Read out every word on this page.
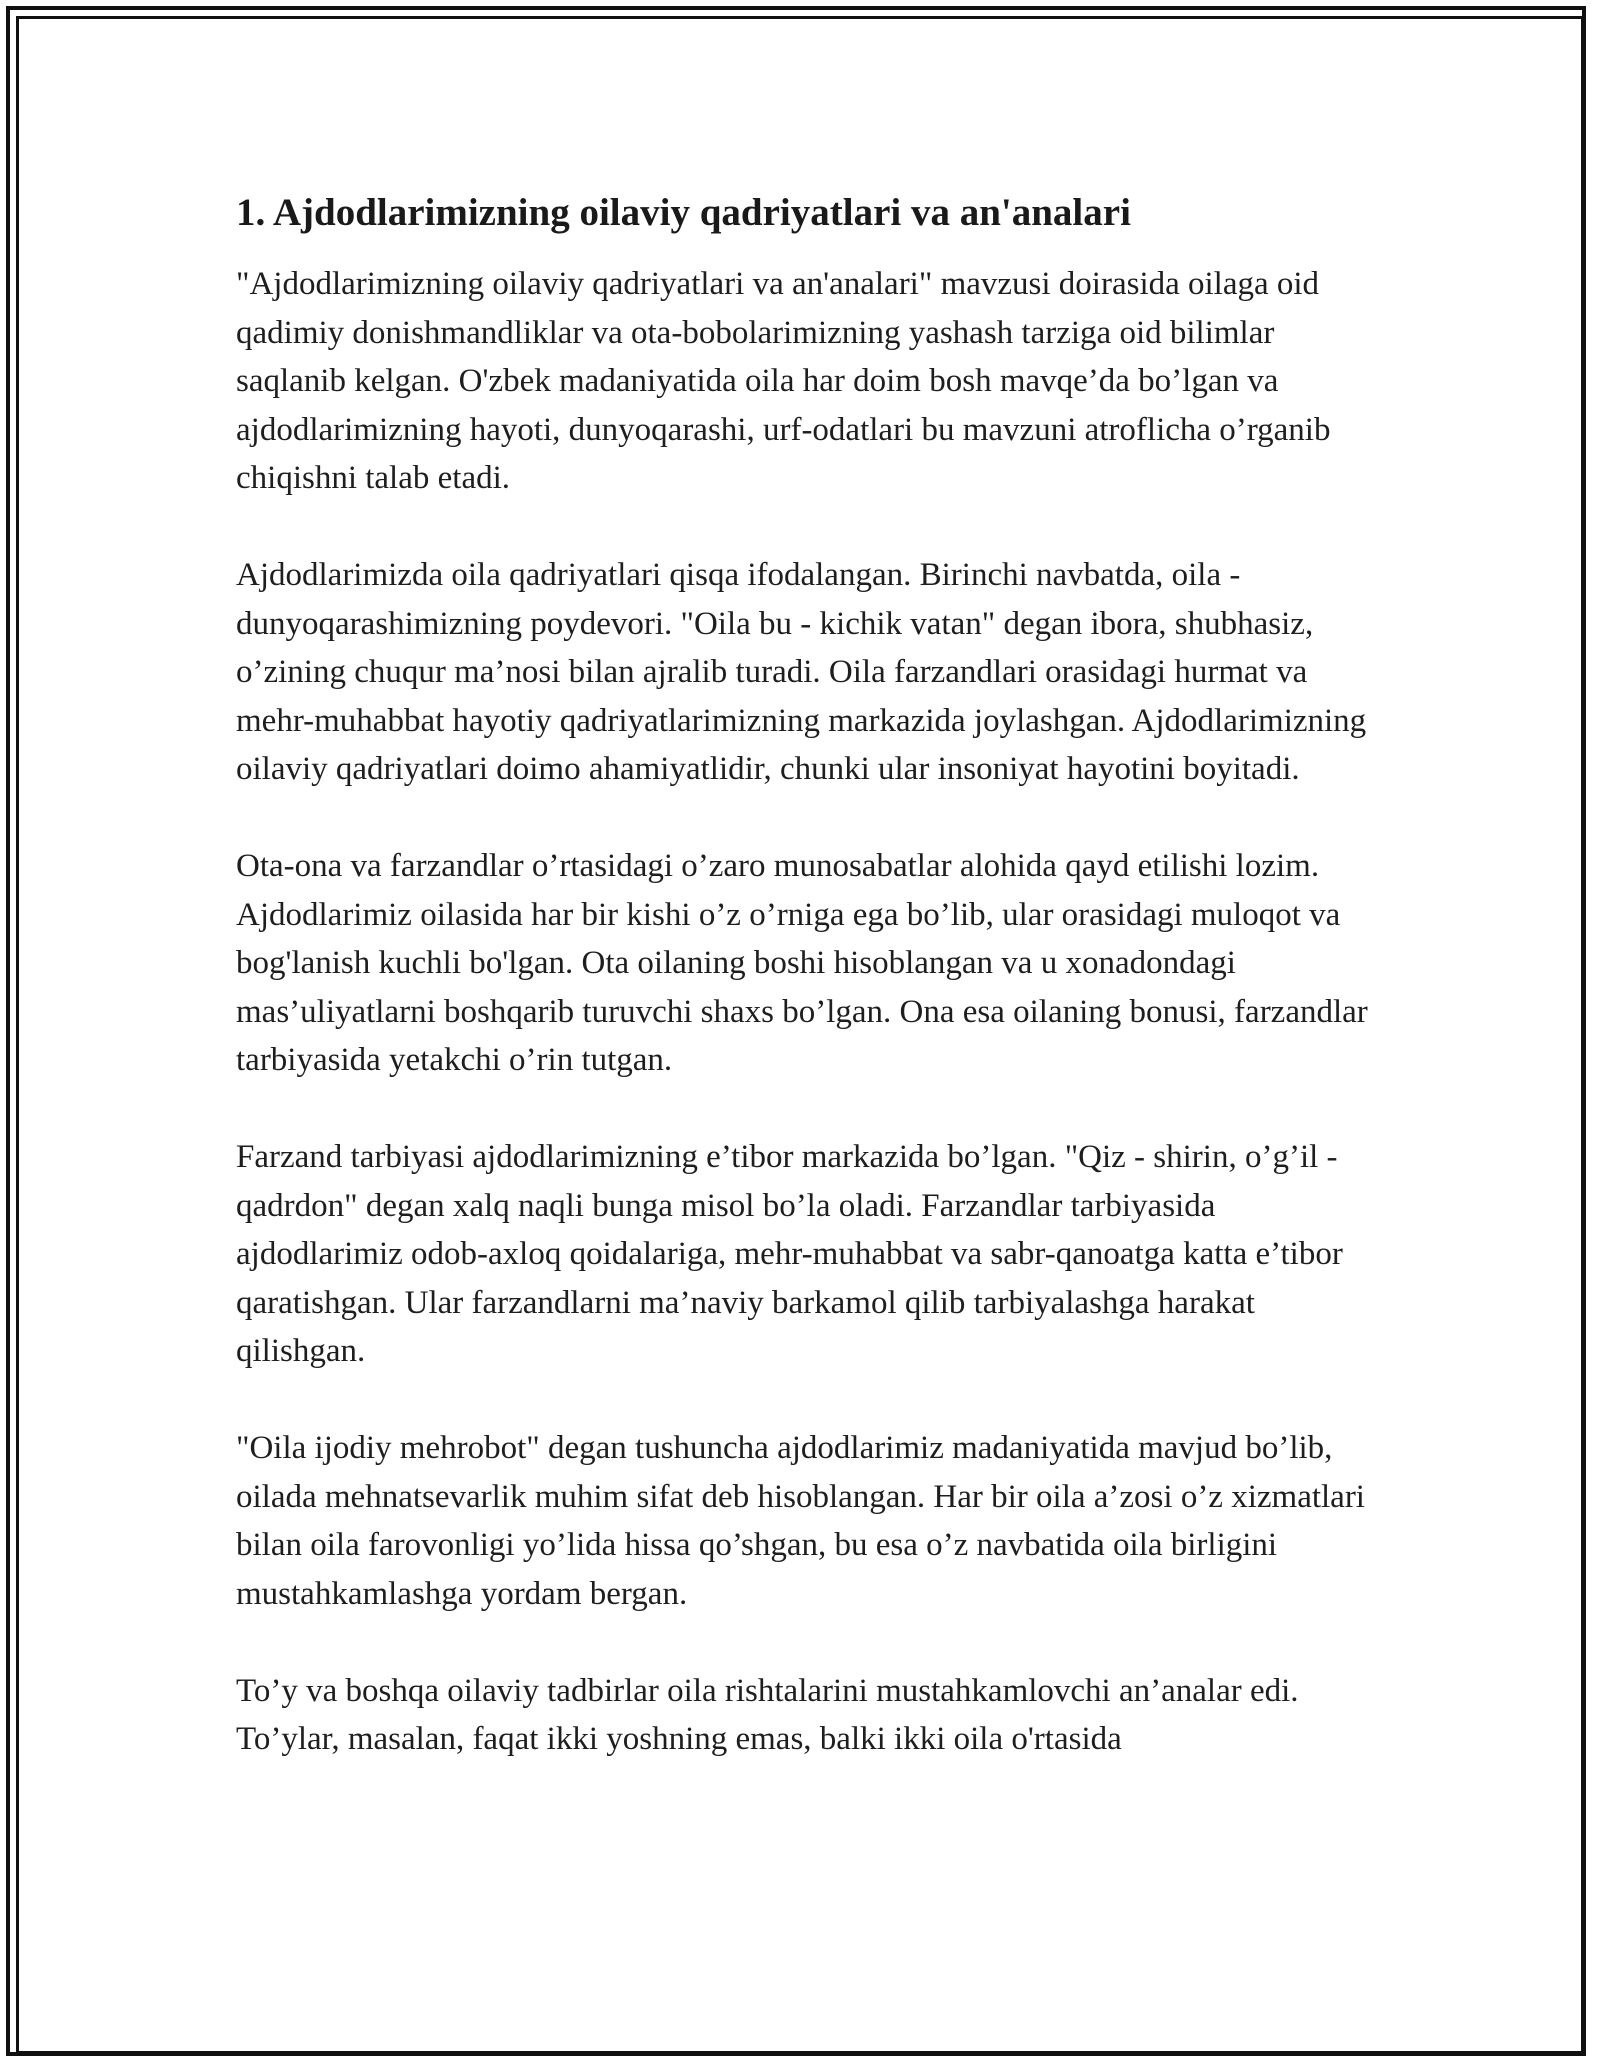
1. Ajdodlarimizning oilaviy qadriyatlari va an'analari

"Ajdodlarimizning oilaviy qadriyatlari va an'analari" mavzusi doirasida oilaga oid qadimiy donishmandliklar va ota-bobolarimizning yashash tarziga oid bilimlar saqlanib kelgan. O'zbek madaniyatida oila har doim bosh mavqe’da bo’lgan va ajdodlarimizning hayoti, dunyoqarashi, urf-odatlari bu mavzuni atroflicha o’rganib chiqishni talab etadi.

Ajdodlarimizda oila qadriyatlari qisqa ifodalangan. Birinchi navbatda, oila - dunyoqarashimizning poydevori. "Oila bu - kichik vatan" degan ibora, shubhasiz, o’zining chuqur ma’nosi bilan ajralib turadi. Oila farzandlari orasidagi hurmat va mehr-muhabbat hayotiy qadriyatlarimizning markazida joylashgan. Ajdodlarimizning oilaviy qadriyatlari doimo ahamiyatlidir, chunki ular insoniyat hayotini boyitadi.

Ota-ona va farzandlar o’rtasidagi o’zaro munosabatlar alohida qayd etilishi lozim. Ajdodlarimiz oilasida har bir kishi o’z o’rniga ega bo’lib, ular orasidagi muloqot va bog'lanish kuchli bo'lgan. Ota oilaning boshi hisoblangan va u xonadondagi mas’uliyatlarni boshqarib turuvchi shaxs bo’lgan. Ona esa oilaning bonusi, farzandlar tarbiyasida yetakchi o’rin tutgan.

Farzand tarbiyasi ajdodlarimizning e’tibor markazida bo’lgan. "Qiz - shirin, o’g’il - qadrdon" degan xalq naqli bunga misol bo’la oladi. Farzandlar tarbiyasida ajdodlarimiz odob-axloq qoidalariga, mehr-muhabbat va sabr-qanoatga katta e’tibor qaratishgan. Ular farzandlarni ma’naviy barkamol qilib tarbiyalashga harakat qilishgan.

"Oila ijodiy mehrobot" degan tushuncha ajdodlarimiz madaniyatida mavjud bo’lib, oilada mehnatsevarlik muhim sifat deb hisoblangan. Har bir oila a’zosi o’z xizmatlari bilan oila farovonligi yo’lida hissa qo’shgan, bu esa o’z navbatida oila birligini mustahkamlashga yordam bergan.

To’y va boshqa oilaviy tadbirlar oila rishtalarini mustahkamlovchi an’analar edi. To’ylar, masalan, faqat ikki yoshning emas, balki ikki oila o'rtasida
